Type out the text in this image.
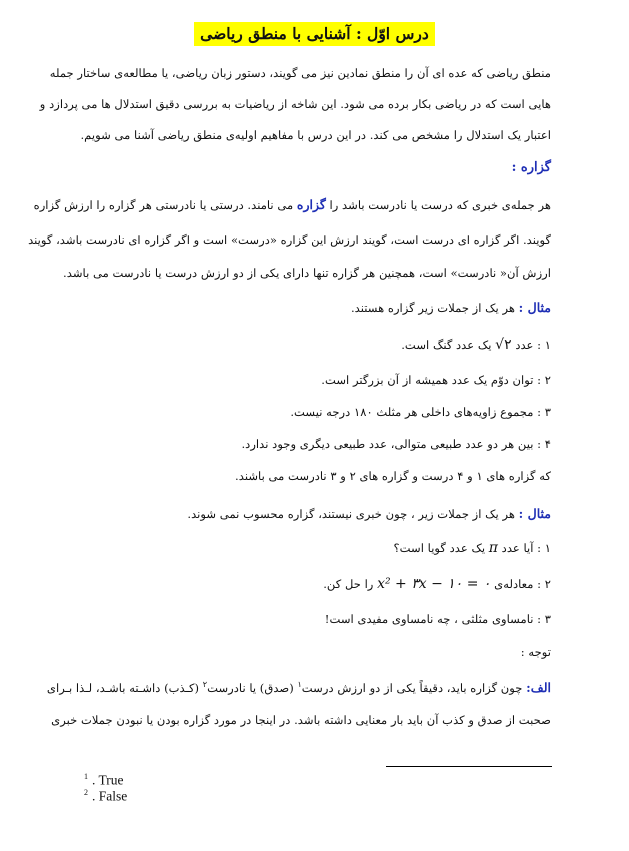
درس اوّل : آشنایی با منطق ریاضی
منطق ریاضی که عده ای آن را منطق نمادین نیز می گویند، دستور زبان ریاضی، یا مطالعه‌ی ساختار جمله
هایی است که در ریاضی بکار برده می شود. این شاخه از ریاضیات به بررسی دقیق استدلال ها می پردازد و
اعتبار یک استدلال را مشخص می کند. در این درس با مفاهیم اولیه‌ی منطق ریاضی آشنا می شویم.
گزاره :
هر جمله‌ی خبری که درست یا نادرست باشد را گزاره می نامند. درستی یا نادرستی هر گزاره را ارزش گزاره
گویند. اگر گزاره ای درست است، گویند ارزش این گزاره «درست» است و اگر گزاره ای نادرست باشد، گویند
ارزش آن« نادرست» است، همچنین هر گزاره تنها دارای یکی از دو ارزش درست یا نادرست می باشد.
مثال : هر یک از جملات زیر گزاره هستند.
۱ : عدد √۲ یک عدد گنگ است.
۲ : توان دوّم یک عدد همیشه از آن بزرگتر است.
۳ : مجموع زاویه‌های داخلی هر مثلث ۱۸۰ درجه نیست.
۴ : بین هر دو عدد طبیعی متوالی، عدد طبیعی دیگری وجود ندارد.
که گزاره های ۱ و ۴ درست و گزاره های ۲ و ۳ نادرست می باشند.
مثال : هر یک از جملات زیر ، چون خبری نیستند، گزاره محسوب نمی شوند.
۱ : آیا عدد π یک عدد گویا است؟
۲ : معادله‌ی x² + ۳x − ۱۰ = ۰ را حل کن.
۳ : نامساوی مثلثی ، چه نامساوی مفیدی است!
توجه :
الف: چون گزاره باید، دقیقاً یکی از دو ارزش درست$^۱$ (صدق) یا نادرست$^۲$ (کـذب) داشـته باشـد، لـذا بـرای
صحبت از صدق و کذب آن باید بار معنایی داشته باشد. در اینجا در مورد گزاره بودن یا نبودن جملات خبری
$^1$ . True
$^2$ . False
